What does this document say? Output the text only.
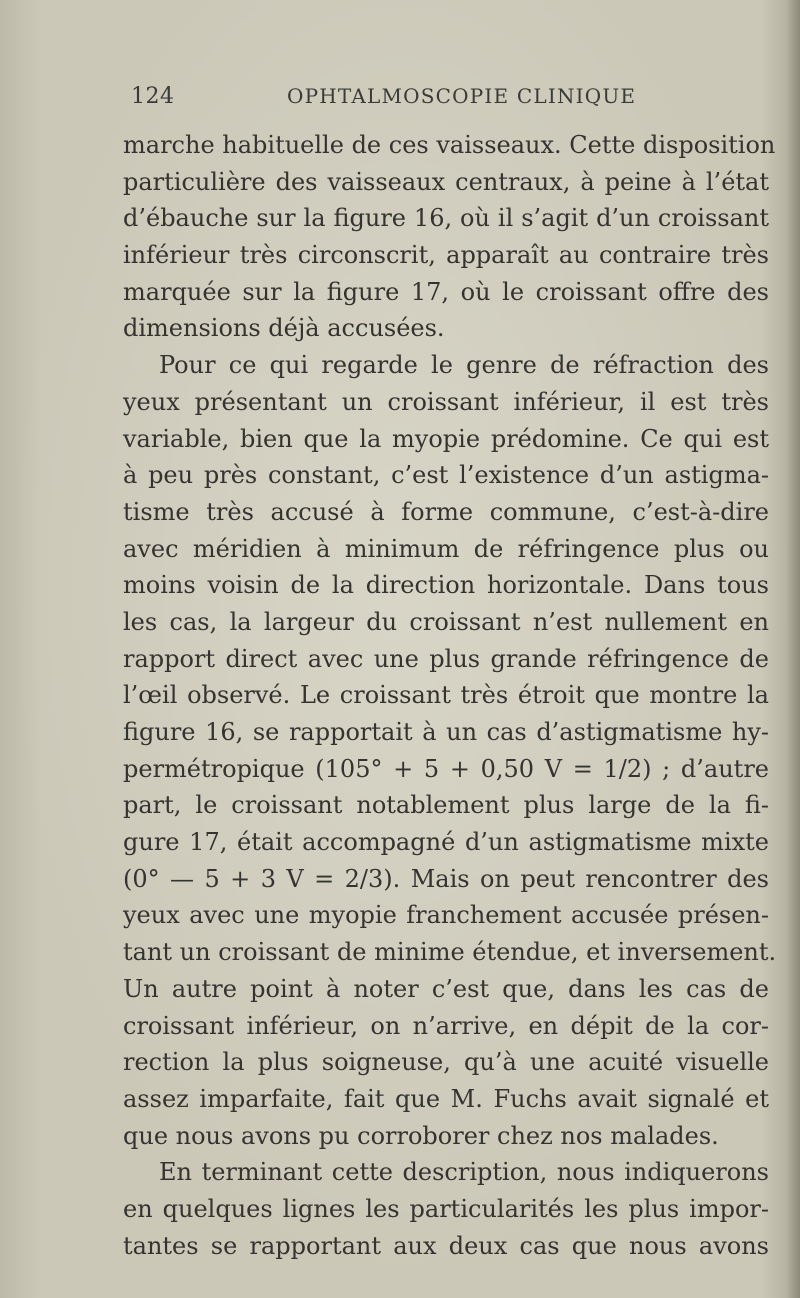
124	OPHTALMOSCOPIE CLINIQUE
marche habituelle de ces vaisseaux. Cette disposition
particulière des vaisseaux centraux, à peine à l’état
d’ébauche sur la figure 16, où il s’agit d’un croissant
inférieur très circonscrit, apparaît au contraire très
marquée sur la figure 17, où le croissant offre des
dimensions déjà accusées.
Pour ce qui regarde le genre de réfraction des
yeux présentant un croissant inférieur, il est très
variable, bien que la myopie prédomine. Ce qui est
à peu près constant, c’est l’existence d’un astigma-
tisme très accusé à forme commune, c’est-à-dire
avec méridien à minimum de réfringence plus ou
moins voisin de la direction horizontale. Dans tous
les cas, la largeur du croissant n’est nullement en
rapport direct avec une plus grande réfringence de
l’œil observé. Le croissant très étroit que montre la
figure 16, se rapportait à un cas d’astigmatisme hy-
permétropique (105° + 5 + 0,50 V = 1/2) ; d’autre
part, le croissant notablement plus large de la fi-
gure 17, était accompagné d’un astigmatisme mixte
(0° — 5 + 3 V = 2/3). Mais on peut rencontrer des
yeux avec une myopie franchement accusée présen-
tant un croissant de minime étendue, et inversement.
Un autre point à noter c’est que, dans les cas de
croissant inférieur, on n’arrive, en dépit de la cor-
rection la plus soigneuse, qu’à une acuité visuelle
assez imparfaite, fait que M. Fuchs avait signalé et
que nous avons pu corroborer chez nos malades.
En terminant cette description, nous indiquerons
en quelques lignes les particularités les plus impor-
tantes se rapportant aux deux cas que nous avons
